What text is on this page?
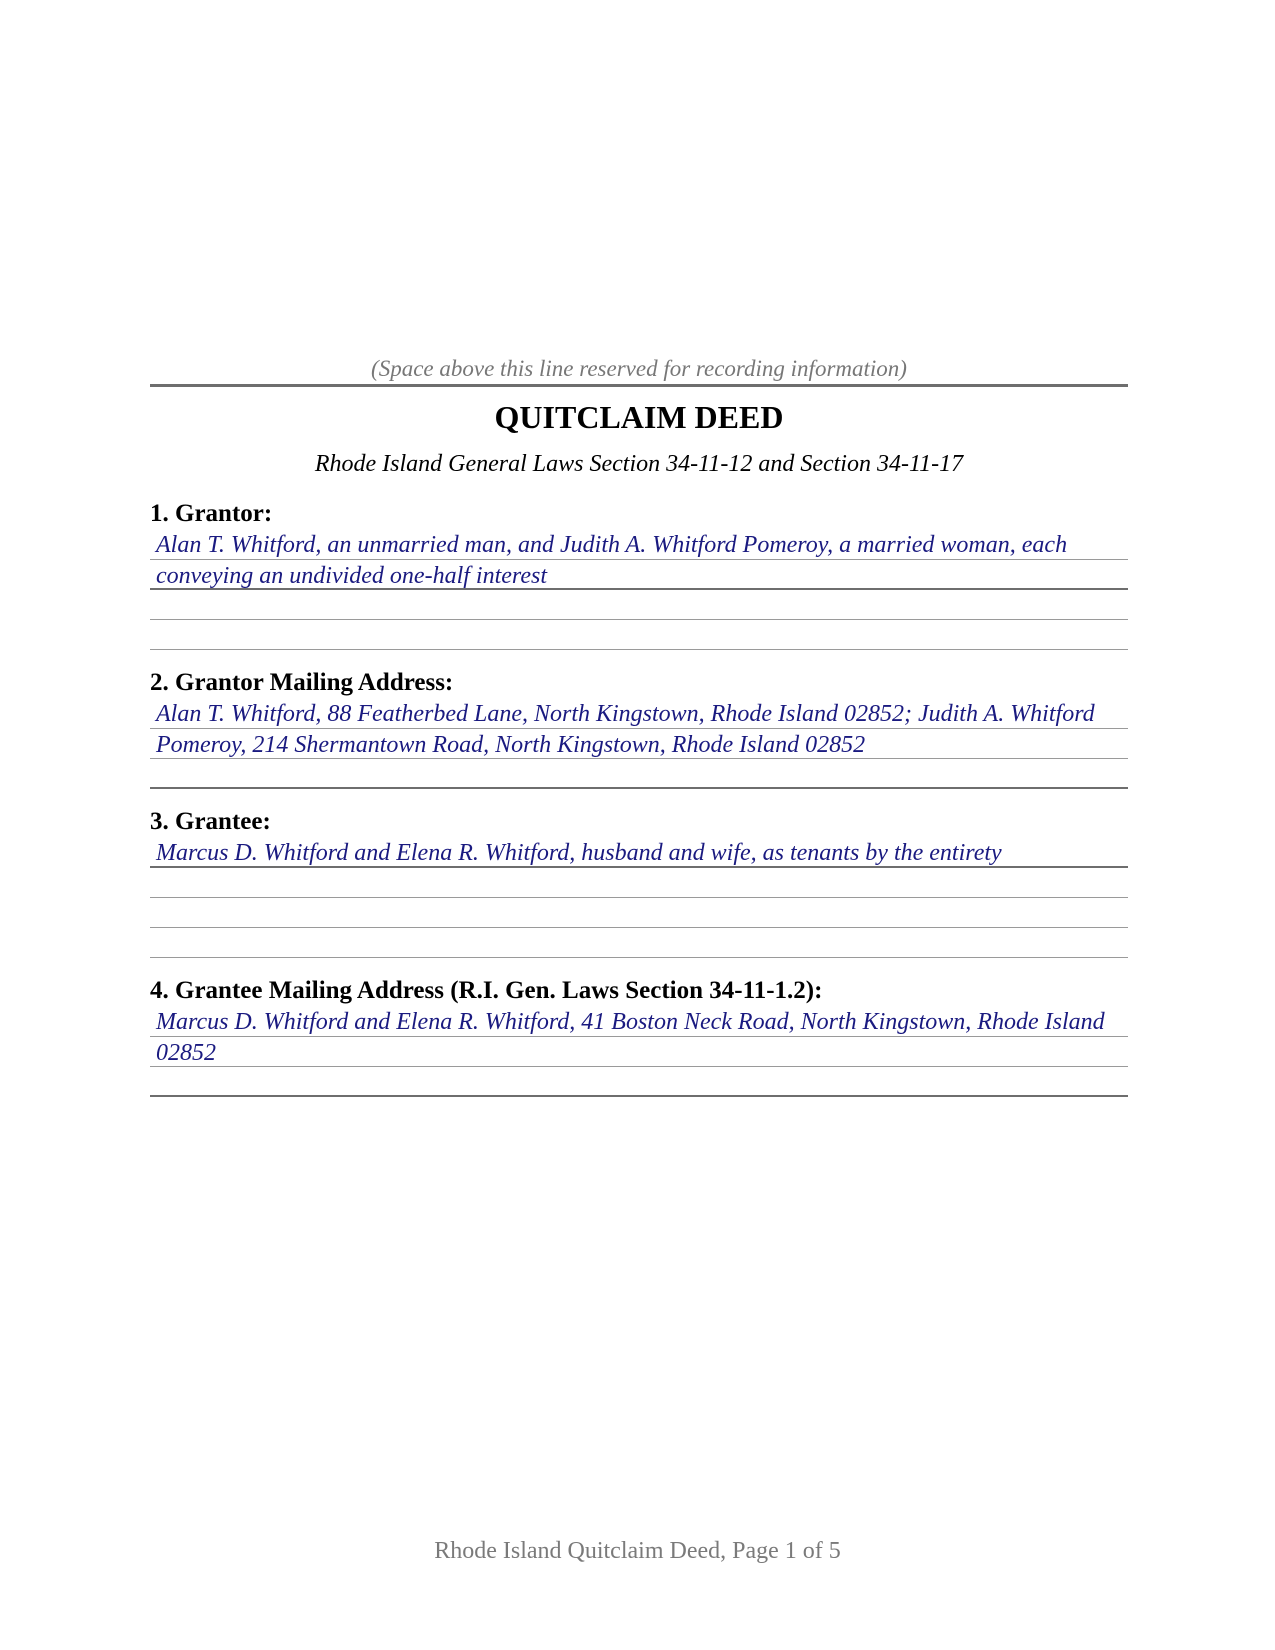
(Space above this line reserved for recording information)
QUITCLAIM DEED
Rhode Island General Laws Section 34-11-12 and Section 34-11-17
1. Grantor:
Alan T. Whitford, an unmarried man, and Judith A. Whitford Pomeroy, a married woman, each conveying an undivided one-half interest
2. Grantor Mailing Address:
Alan T. Whitford, 88 Featherbed Lane, North Kingstown, Rhode Island 02852; Judith A. Whitford Pomeroy, 214 Shermantown Road, North Kingstown, Rhode Island 02852
3. Grantee:
Marcus D. Whitford and Elena R. Whitford, husband and wife, as tenants by the entirety
4. Grantee Mailing Address (R.I. Gen. Laws Section 34-11-1.2):
Marcus D. Whitford and Elena R. Whitford, 41 Boston Neck Road, North Kingstown, Rhode Island 02852
Rhode Island Quitclaim Deed, Page 1 of 5
